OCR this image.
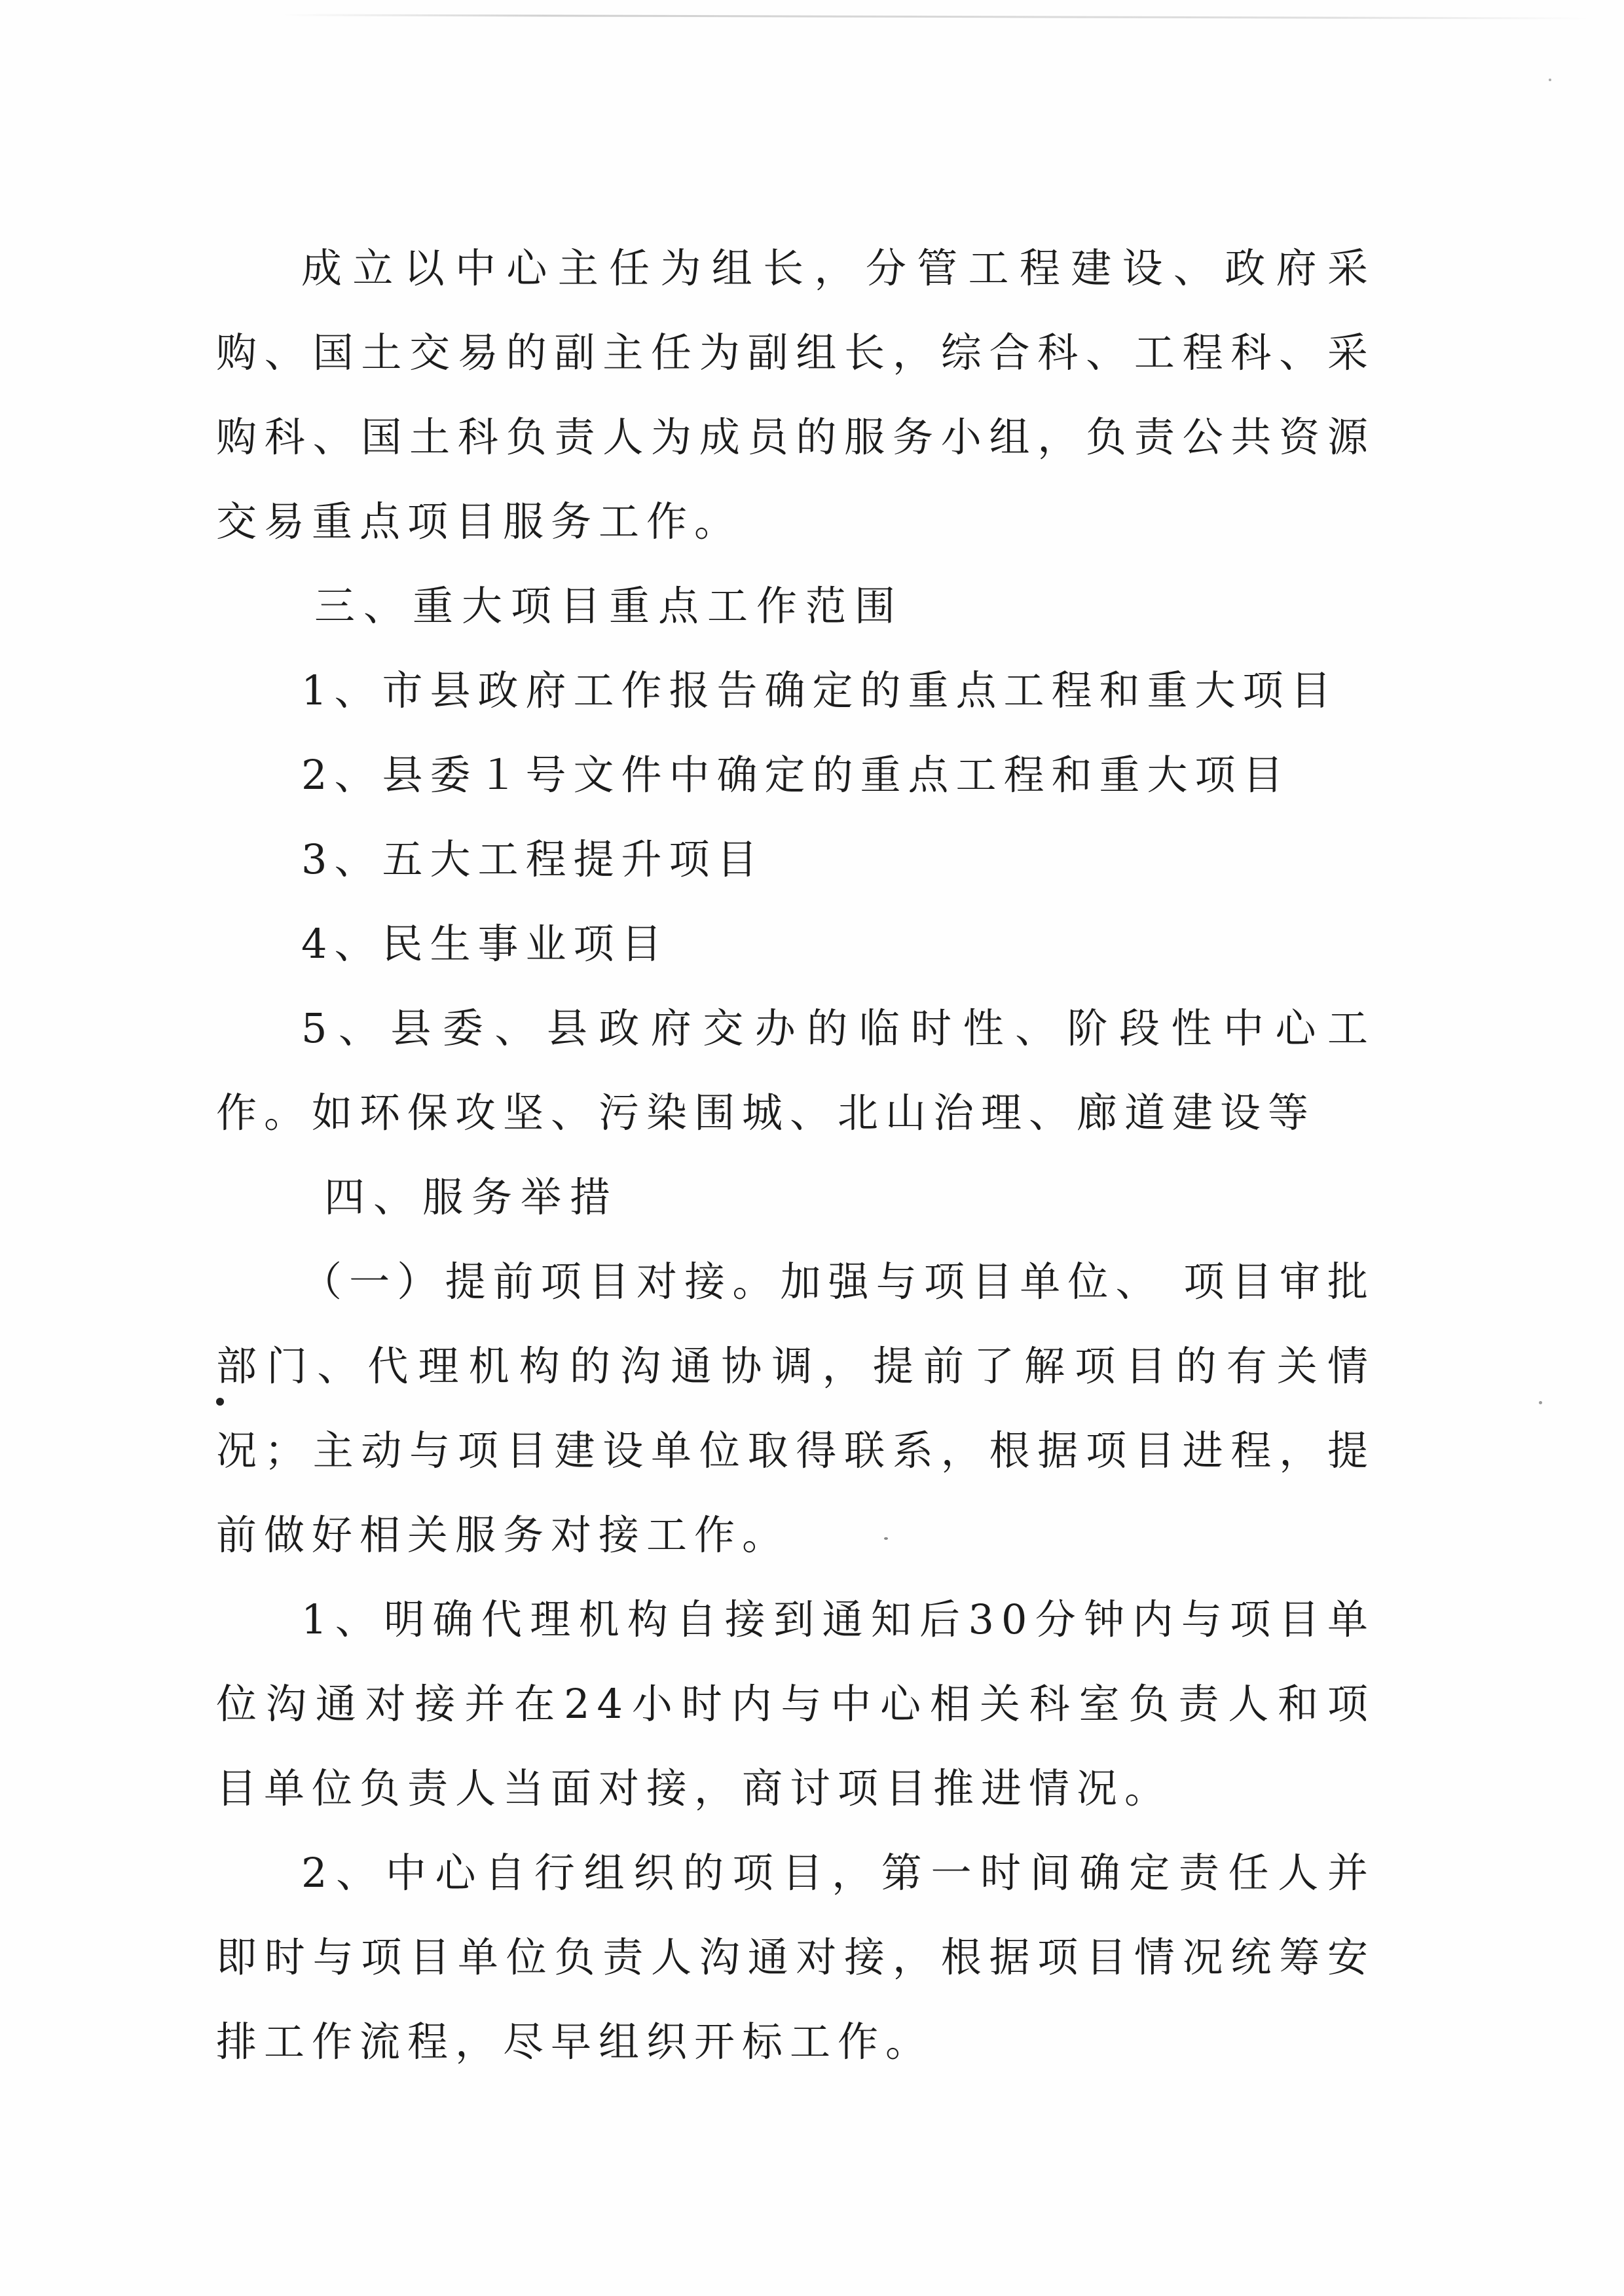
成立以中心主任为组长，分管工程建设、政府采购、国土交易的副主任为副组长，综合科、工程科、采购科、国土科负责人为成员的服务小组，负责公共资源交易重点项目服务工作。

三、重大项目重点工作范围

1、市县政府工作报告确定的重点工程和重大项目

2、县委１号文件中确定的重点工程和重大项目

3、五大工程提升项目

4、民生事业项目

5、县委、县政府交办的临时性、阶段性中心工作。如环保攻坚、污染围城、北山治理、廊道建设等

四、服务举措

（一）提前项目对接。加强与项目单位、 项目审批部门、代理机构的沟通协调，提前了解项目的有关情况；主动与项目建设单位取得联系，根据项目进程，提前做好相关服务对接工作。

1、明确代理机构自接到通知后30分钟内与项目单位沟通对接并在24小时内与中心相关科室负责人和项目单位负责人当面对接，商讨项目推进情况。

2、中心自行组织的项目，第一时间确定责任人并即时与项目单位负责人沟通对接，根据项目情况统筹安排工作流程，尽早组织开标工作。
